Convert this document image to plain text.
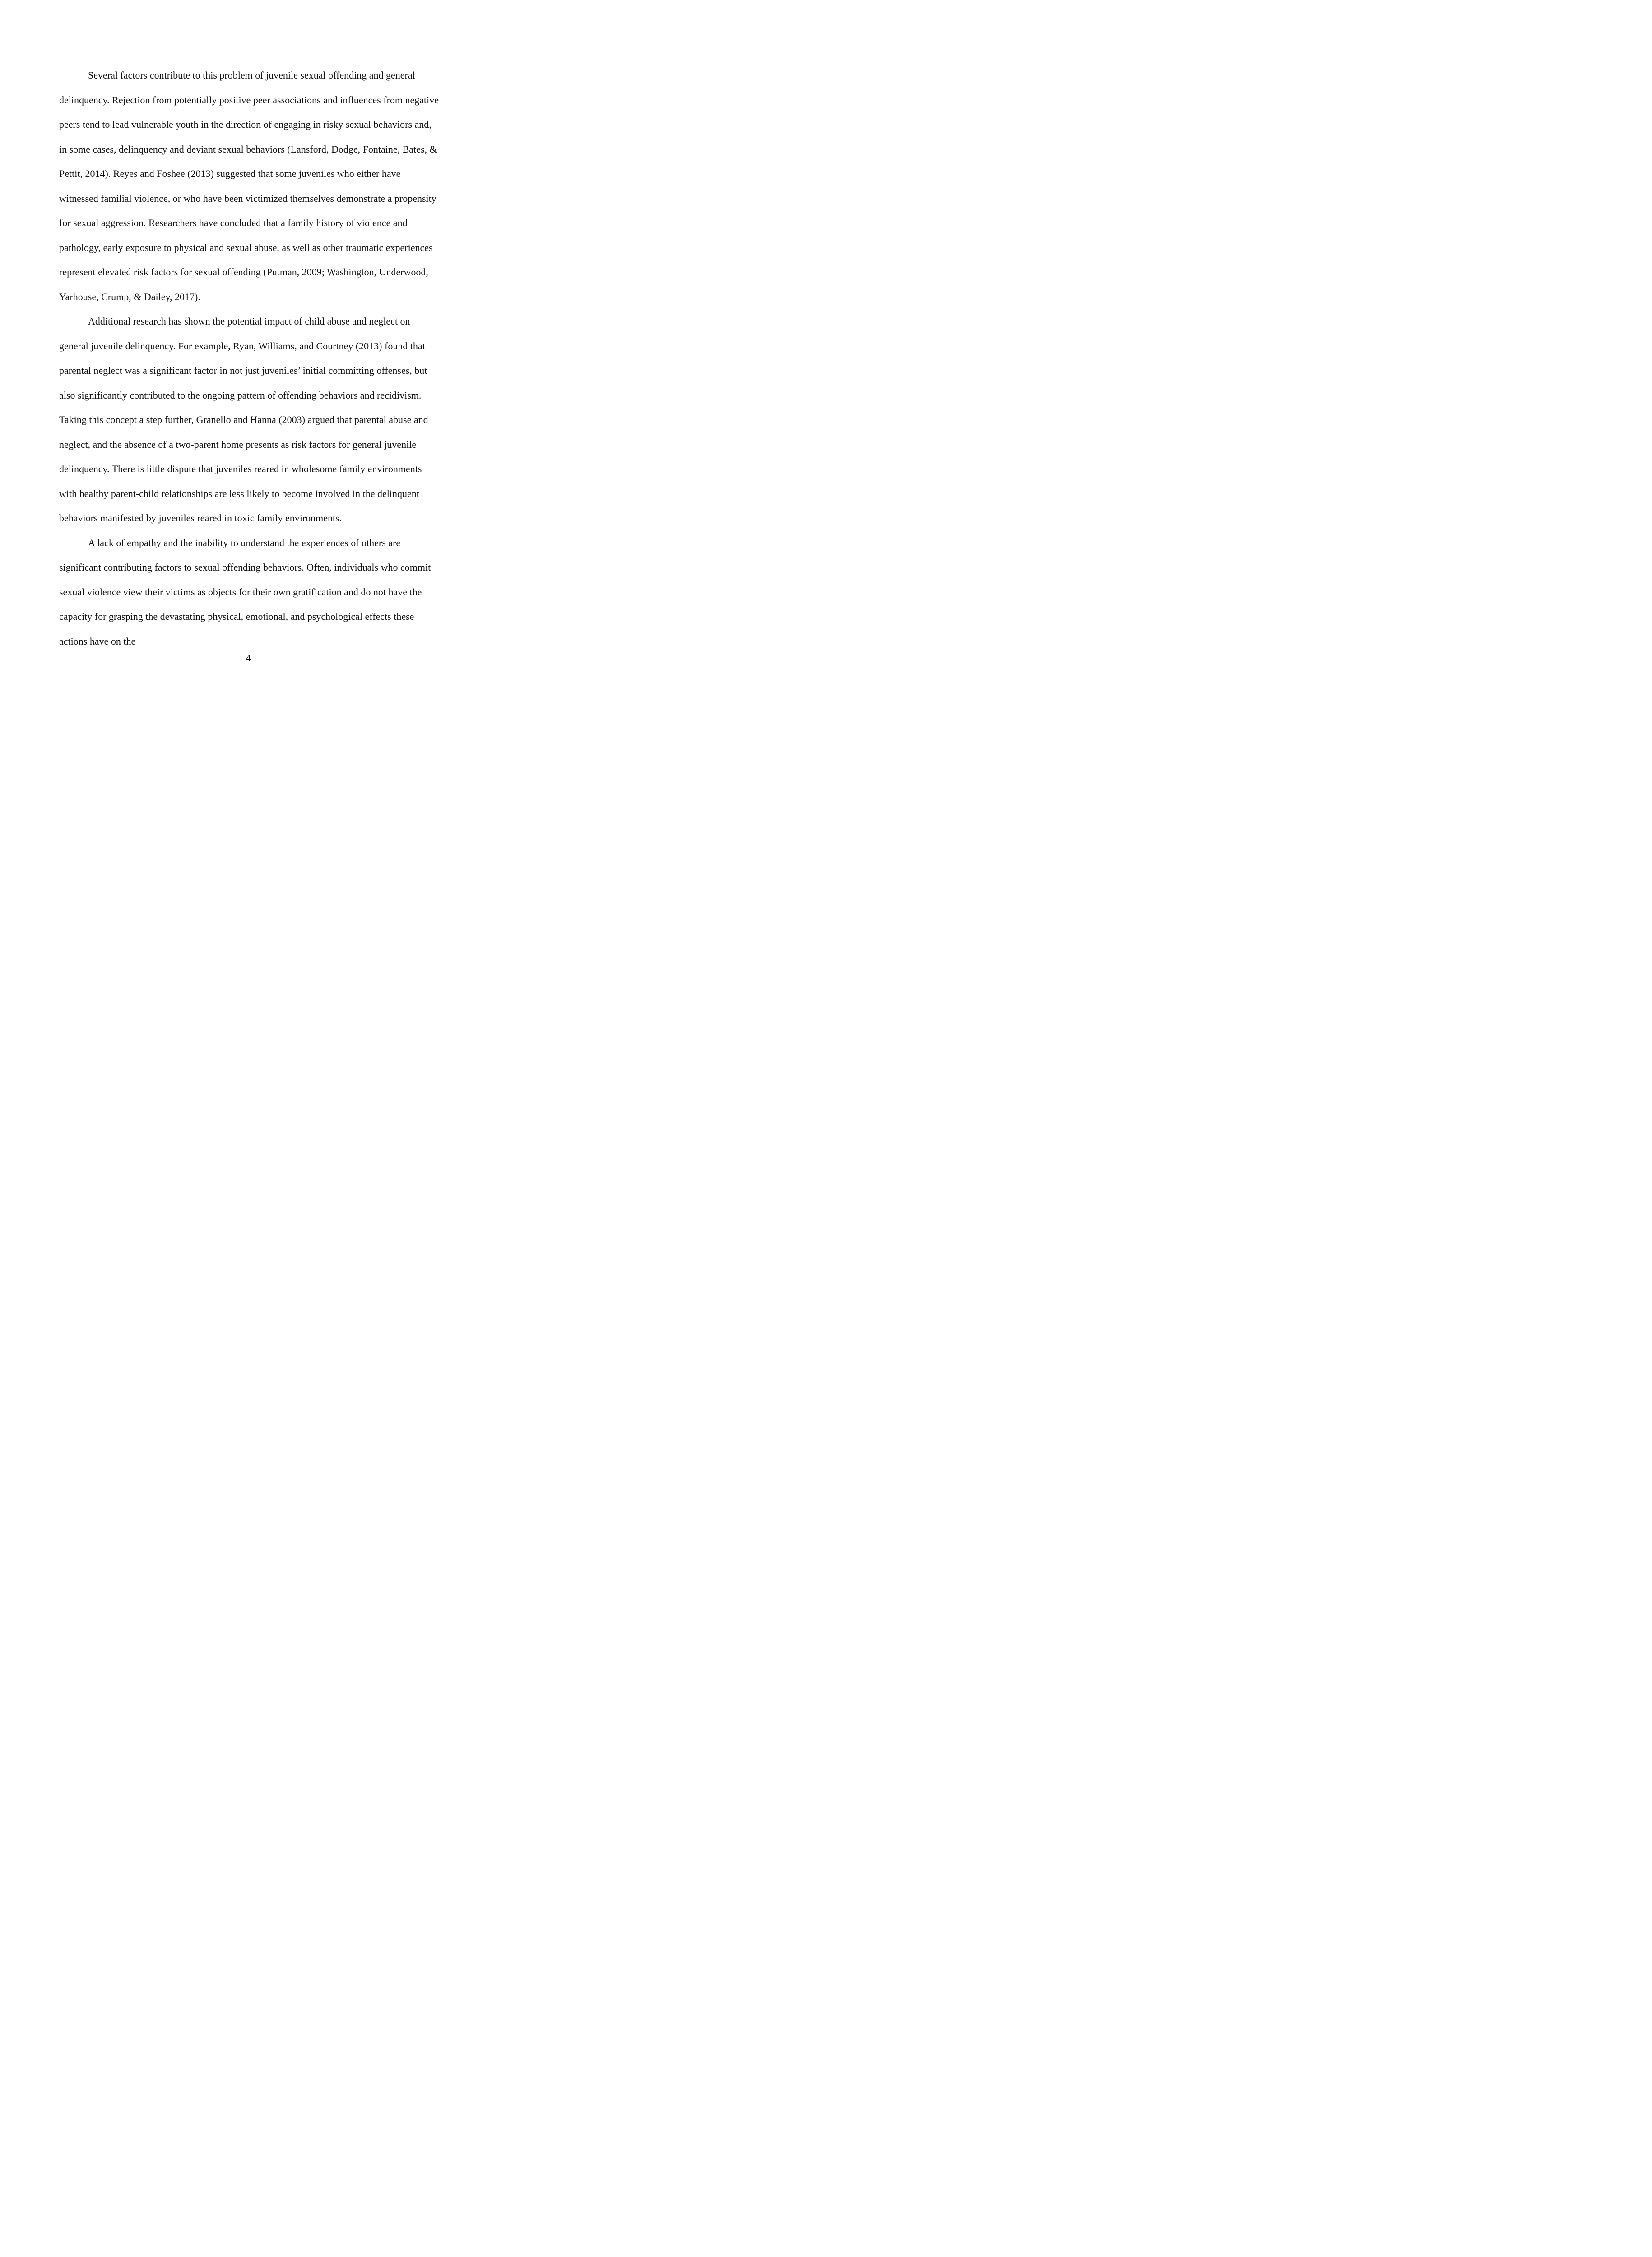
Several factors contribute to this problem of juvenile sexual offending and general delinquency. Rejection from potentially positive peer associations and influences from negative peers tend to lead vulnerable youth in the direction of engaging in risky sexual behaviors and, in some cases, delinquency and deviant sexual behaviors (Lansford, Dodge, Fontaine, Bates, & Pettit, 2014). Reyes and Foshee (2013) suggested that some juveniles who either have witnessed familial violence, or who have been victimized themselves demonstrate a propensity for sexual aggression. Researchers have concluded that a family history of violence and pathology, early exposure to physical and sexual abuse, as well as other traumatic experiences represent elevated risk factors for sexual offending (Putman, 2009; Washington, Underwood, Yarhouse, Crump, & Dailey, 2017).

Additional research has shown the potential impact of child abuse and neglect on general juvenile delinquency. For example, Ryan, Williams, and Courtney (2013) found that parental neglect was a significant factor in not just juveniles’ initial committing offenses, but also significantly contributed to the ongoing pattern of offending behaviors and recidivism. Taking this concept a step further, Granello and Hanna (2003) argued that parental abuse and neglect, and the absence of a two-parent home presents as risk factors for general juvenile delinquency. There is little dispute that juveniles reared in wholesome family environments with healthy parent-child relationships are less likely to become involved in the delinquent behaviors manifested by juveniles reared in toxic family environments.

A lack of empathy and the inability to understand the experiences of others are significant contributing factors to sexual offending behaviors. Often, individuals who commit sexual violence view their victims as objects for their own gratification and do not have the capacity for grasping the devastating physical, emotional, and psychological effects these actions have on the

4
